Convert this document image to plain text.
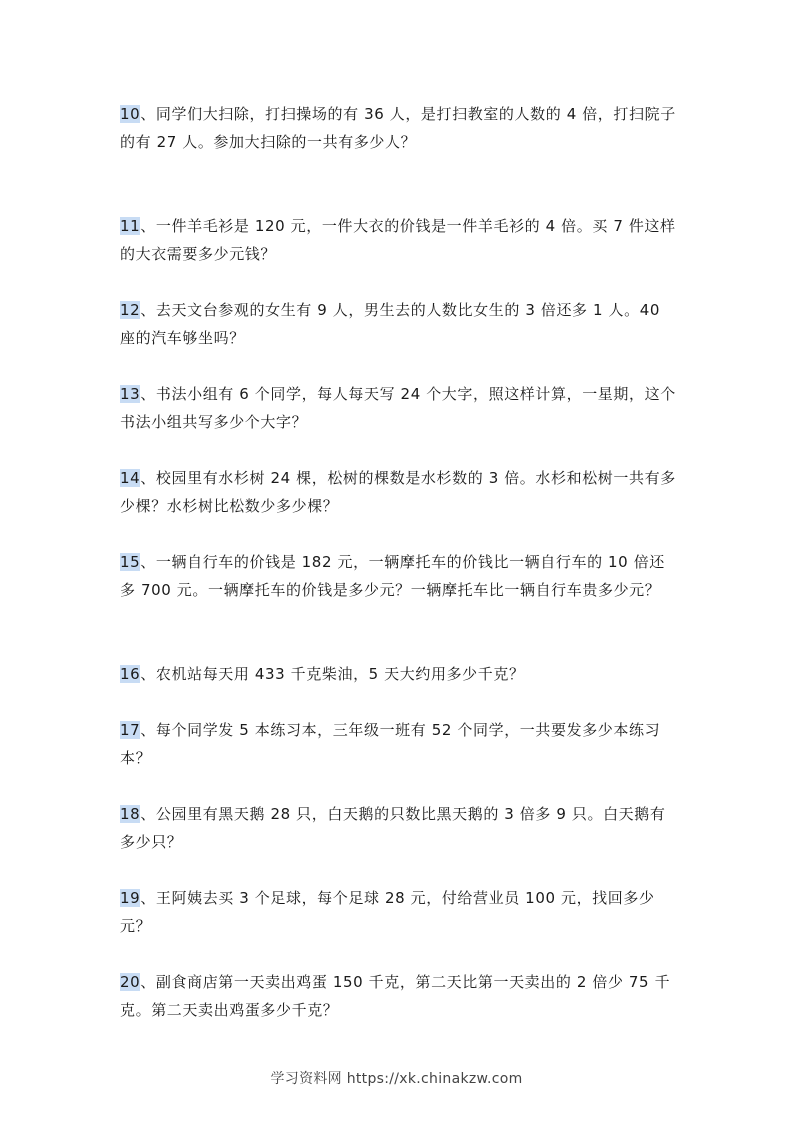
10、同学们大扫除，打扫操场的有 36 人，是打扫教室的人数的 4 倍，打扫院子的有 27 人。参加大扫除的一共有多少人？

11、一件羊毛衫是 120 元，一件大衣的价钱是一件羊毛衫的 4 倍。买 7 件这样的大衣需要多少元钱？

12、去天文台参观的女生有 9 人，男生去的人数比女生的 3 倍还多 1 人。40 座的汽车够坐吗？

13、书法小组有 6 个同学，每人每天写 24 个大字，照这样计算，一星期，这个书法小组共写多少个大字？

14、校园里有水杉树 24 棵，松树的棵数是水杉数的 3 倍。水杉和松树一共有多少棵？水杉树比松数少多少棵？

15、一辆自行车的价钱是 182 元，一辆摩托车的价钱比一辆自行车的 10 倍还多 700 元。一辆摩托车的价钱是多少元？一辆摩托车比一辆自行车贵多少元？

16、农机站每天用 433 千克柴油，5 天大约用多少千克？

17、每个同学发 5 本练习本，三年级一班有 52 个同学，一共要发多少本练习本？

18、公园里有黑天鹅 28 只，白天鹅的只数比黑天鹅的 3 倍多 9 只。白天鹅有多少只？

19、王阿姨去买 3 个足球，每个足球 28 元，付给营业员 100 元，找回多少元？

20、副食商店第一天卖出鸡蛋 150 千克，第二天比第一天卖出的 2 倍少 75 千克。第二天卖出鸡蛋多少千克？

学习资料网 https://xk.chinakzw.com
